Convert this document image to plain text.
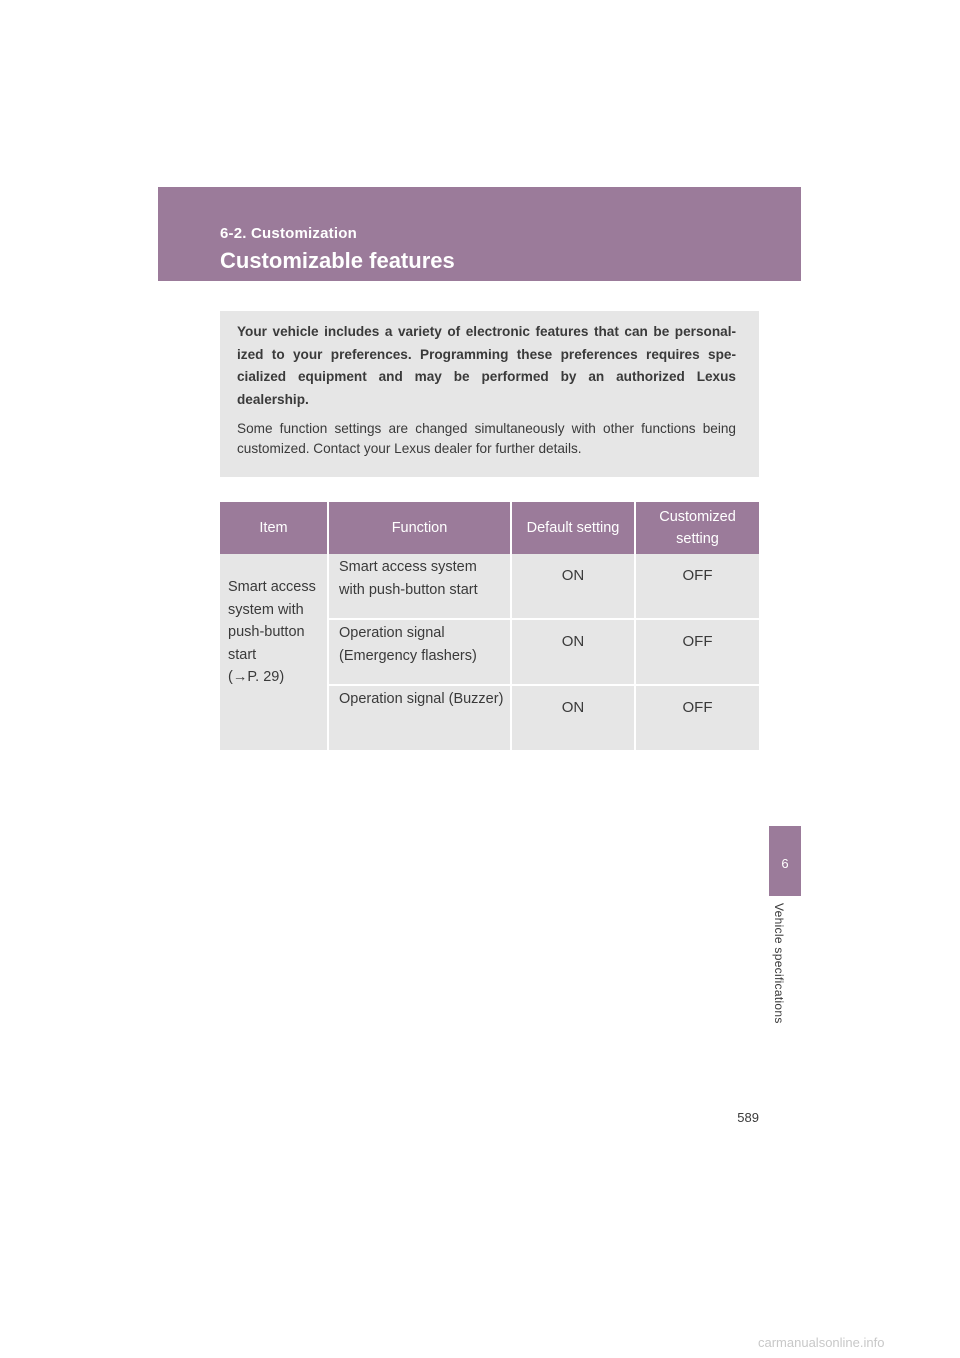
6-2. Customization
Customizable features

Your vehicle includes a variety of electronic features that can be personal-ized to your preferences. Programming these preferences requires spe-cialized equipment and may be performed by an authorized Lexus dealership.

Some function settings are changed simultaneously with other functions being customized. Contact your Lexus dealer for further details.

Item	Function	Default setting	Customized setting

Smart access system with push-button start
(→P. 29)	Smart access system with push-button start	ON	OFF
	Operation signal (Emergency flashers)	ON	OFF
	Operation signal (Buzzer)	ON	OFF
6
Vehicle specifications
589
carmanualsonline.info
